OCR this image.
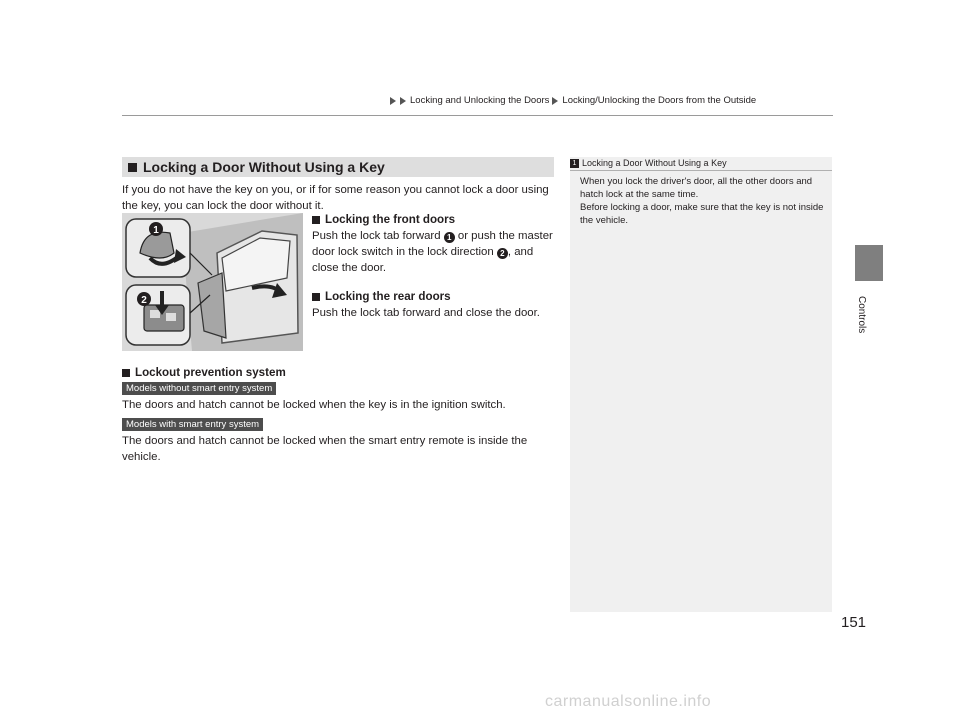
Locking and Unlocking the Doors Locking/Unlocking the Doors from the Outside
Controls
Locking a Door Without Using a Key
If you do not have the key on you, or if for some reason you cannot lock a door using the key, you can lock the door without it.
1
2
Locking the front doors
Push the lock tab forward 1 or push the master door lock switch in the lock direction 2 , and close the door.
Locking the rear doors
Push the lock tab forward and close the door.
Lockout prevention system
Models without smart entry system
The doors and hatch cannot be locked when the key is in the ignition switch.
Models with smart entry system
The doors and hatch cannot be locked when the smart entry remote is inside the vehicle.
1 Locking a Door Without Using a Key

When you lock the driver's door, all the other doors and hatch lock at the same time.

Before locking a door, make sure that the key is not inside the vehicle.

151
carmanualsonline.info
